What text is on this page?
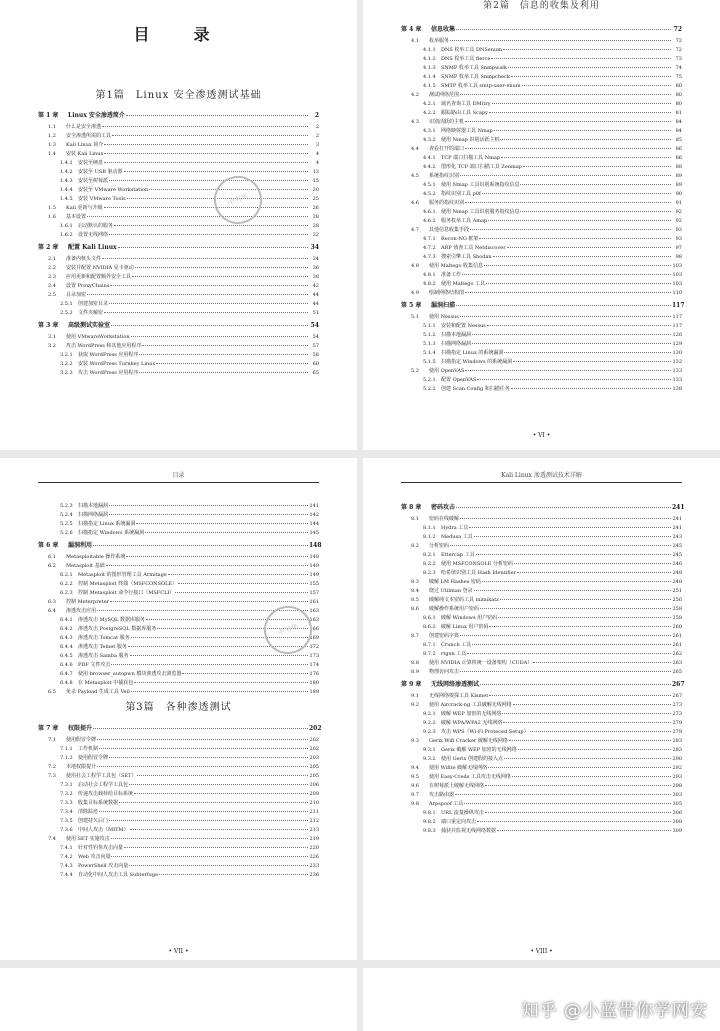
目　录
第1篇　Linux 安全渗透测试基础
第 1 章	Linux 安全渗透简介	2
1.1	什么是安全渗透	2
1.2	安全渗透所需的工具	2
1.3	Kali Linux 简介	3
1.4	安装 Kali Linux	4
1.4.1	安装至硬盘	4
1.4.2	安装至 USB 驱动器	13
1.4.3	安装至树莓派	15
1.4.4	安装至 VMware Workstation	20
1.4.5	安装 VMware Tools	25
1.5	Kali 更新与升级	26
1.6	基本设置	28
1.6.1	启动默认的服务	28
1.6.2	设置无线网络	32
第 2 章	配置 Kali Linux	34
2.1	准备内核头文件	34
2.2	安装并配置 NVIDIA 显卡驱动	36
2.3	应用更新和配置额外安全工具	38
2.4	设置 ProxyChains	42
2.5	目录加密	44
2.5.1	创建加密目录	44
2.5.2	文件夹解密	51
第 3 章	高级测试实验室	54
3.1	使用 VMwareWorkstation	54
3.2	攻击 WordPress 和其他应用程序	57
3.2.1	获取 WordPress 应用程序	58
3.2.2	安装 WordPress Turnkey Linux	60
3.2.3	攻击 WordPress 应用程序	65
中书华
第2篇　信息的收集及利用
第 4 章	信息收集	72
4.1	枚举服务	72
4.1.1	DNS 枚举工具 DNSenum	72
4.1.2	DNS 枚举工具 fierce	73
4.1.3	SNMP 枚举工具 Snmpwalk	74
4.1.4	SNMP 枚举工具 Snmpcheck	75
4.1.5	SMTP 枚举工具 smtp-user-enum	80
4.2	测试网络范围	80
4.2.1	域名查询工具 DMitry	80
4.2.2	跟踪路由工具 Scapy	81
4.3	识别活跃的主机	84
4.3.1	网络映射器工具 Nmap	84
4.3.2	使用 Nmap 识别活跃主机	85
4.4	查看打开的端口	86
4.4.1	TCP 端口扫描工具 Nmap	86
4.4.2	图形化 TCP 端口扫描工具 Zenmap	88
4.5	系统指纹识别	89
4.5.1	使用 Nmap 工具识别系统指纹信息	89
4.5.2	指纹识别工具 p0f	90
4.6	服务的指纹识别	91
4.6.1	使用 Nmap 工具识别服务指纹信息	92
4.6.2	服务枚举工具 Amap	92
4.7	其他信息收集手段	93
4.7.1	Recon-NG 框架	93
4.7.2	ARP 侦查工具 Netdiscover	97
4.7.3	搜索引擎工具 Shodan	98
4.8	使用 Maltego 收集信息	103
4.8.1	准备工作	103
4.8.2	使用 Maltego 工具	103
4.9	绘制网络结构图	110
第 5 章	漏洞扫描	117
5.1	使用 Nessus	117
5.1.1	安装和配置 Nessus	117
5.1.2	扫描本地漏洞	126
5.1.3	扫描网络漏洞	129
5.1.4	扫描指定 Linux 的系统漏洞	130
5.1.5	扫描指定 Windows 的系统漏洞	132
5.2	使用 OpenVAS	133
5.2.1	配置 OpenVAS	133
5.2.2	创建 Scan Config 和扫描任务	138
• VI •
目录
5.2.3	扫描本地漏洞	141
5.2.4	扫描网络漏洞	142
5.2.5	扫描指定 Linux 系统漏洞	144
5.2.6	扫描指定 Windows 系统漏洞	145
第 6 章	漏洞利用	148
6.1	Metasploitable 操作系统	148
6.2	Metasploit 基础	149
6.2.1	Metasploit 的图形管理工具 Armitage	149
6.2.2	控制 Metasploit 终端（MSFCONSOLE）	155
6.2.3	控制 Metasploit 命令行接口（MSFCLI）	157
6.3	控制 Meterpreter	161
6.4	渗透攻击应用	163
6.4.1	渗透攻击 MySQL 数据库服务	163
6.4.2	渗透攻击 PostgreSQL 数据库服务	166
6.4.3	渗透攻击 Tomcat 服务	169
6.4.4	渗透攻击 Telnet 服务	172
6.4.5	渗透攻击 Samba 服务	173
6.4.6	PDF 文件攻击	174
6.4.7	使用 browser_autopwn 模块渗透攻击浏览器	176
6.4.8	在 Metasploit 中捕获包	180
6.5	免杀 Payload 生成工具 Veil	189
第3篇　各种渗透测试
第 7 章	权限提升	202
7.1	使用假冒令牌	202
7.1.1	工作机制	202
7.1.2	使用假冒令牌	203
7.2	本地权限提升	205
7.3	使用社会工程学工具包（SET）	205
7.3.1	启动社会工程学工具包	206
7.3.2	传递攻击载荷给目标系统	209
7.3.3	收集目标系统数据	210
7.3.4	清除踪迹	211
7.3.5	创建持久后门	212
7.3.6	中间人攻击（MITM）	213
7.4	使用 SET 实施攻击	219
7.4.1	针对性钓鱼攻击向量	220
7.4.2	Web 攻击向量	226
7.4.3	PowerShell 攻击向量	233
7.4.4	自动化中间人攻击工具 Subterfuge	236
中书华
• VII •
Kali Linux 渗透测试技术详解
第 8 章	密码攻击	241
8.1	密码在线破解	241
8.1.1	Hydra 工具	241
8.1.2	Medusa 工具	243
8.2	分析密码	245
8.2.1	Ettercap 工具	245
8.2.2	使用 MSFCONSOLE 分析密码	246
8.2.3	哈希值识别工具 Hash Identifier	248
8.3	破解 LM Hashes 密码	248
8.4	绕过 Utilman 登录	251
8.5	破解纯文本密码工具 mimikatz	256
8.6	破解操作系统用户密码	258
8.6.1	破解 Windows 用户密码	258
8.6.2	破解 Linux 用户密码	260
8.7	创建密码字典	261
8.7.1	Crunch 工具	261
8.7.2	rtgen 工具	262
8.8	使用 NVIDIA 计算机统一设备架构（CUDA）	263
8.9	物理访问攻击	265
第 9 章	无线网络渗透测试	267
9.1	无线网络嗅探工具 Kismet	267
9.2	使用 Aircrack-ng 工具破解无线网络	273
9.2.1	破解 WEP 加密的无线网络	273
9.2.2	破解 WPA/WPA2 无线网络	279
9.2.3	攻击 WPS（Wi-Fi Proteced Setup）	279
9.3	Gerix Wifi Cracker 破解无线网络	283
9.3.1	Gerix 破解 WEP 加密的无线网络	283
9.3.2	使用 Gerix 创建假的接入点	290
9.4	使用 Wifite 破解无线网络	292
9.5	使用 Easy-Creds 工具攻击无线网络	293
9.6	在树莓派上破解无线网络	298
9.7	攻击路由器	303
9.8	Arpspoof 工具	305
9.8.1	URL 流量操纵攻击	306
9.8.2	端口重定向攻击	308
9.8.3	捕获并监视无线网络数据	309
• VIII •
知乎 @小蓝带你学网安
